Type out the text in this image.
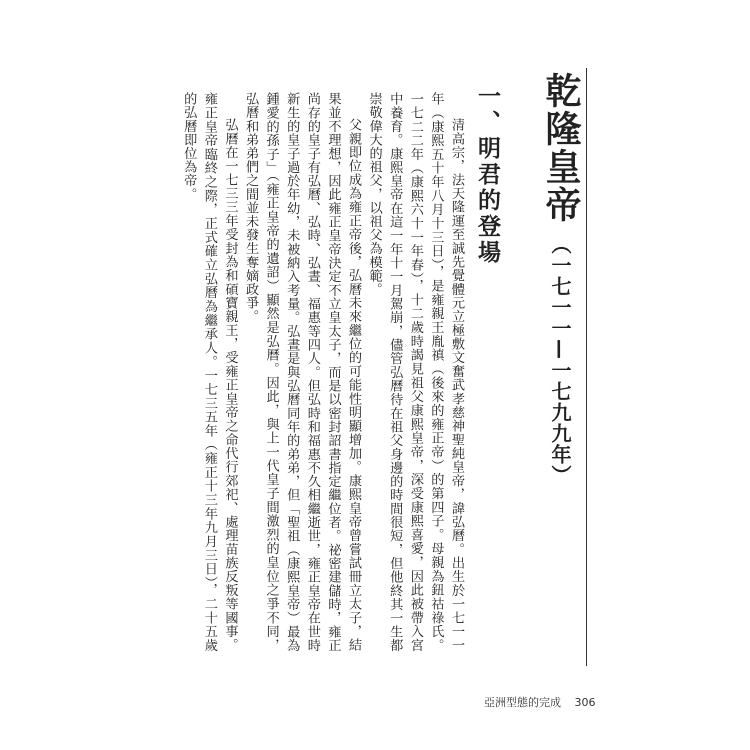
乾隆皇帝（一七一一—一七九九年）
一、明君的登場

清高宗，法天隆運至誠先覺體元立極敷文奮武孝慈神聖純皇帝，諱弘曆。出生於一七一一年（康熙五十年八月十三日），是雍親王胤禛（後來的雍正帝）的第四子。母親為鈕祜祿氏。一七二二年（康熙六十一年春），十二歲時謁見祖父康熙皇帝，深受康熙喜愛，因此被帶入宮中養育。康熙皇帝在這一年十一月駕崩，儘管弘曆待在祖父身邊的時間很短，但他終其一生都崇敬偉大的祖父，以祖父為模範。

父親即位成為雍正帝後，弘曆未來繼位的可能性明顯增加。康熙皇帝曾嘗試冊立太子，結果並不理想，因此雍正皇帝決定不立皇太子，而是以密封詔書指定繼位者。祕密建儲時，雍正尚存的皇子有弘曆、弘時、弘晝、福惠等四人。但弘時和福惠不久相繼逝世，雍正皇帝在世時新生的皇子過於年幼，未被納入考量。弘晝是與弘曆同年的弟弟，但「聖祖（康熙皇帝）最為鍾愛的孫子」（雍正皇帝的遺詔）顯然是弘曆。因此，與上一代皇子間激烈的皇位之爭不同，弘曆和弟弟們之間並未發生奪嫡政爭。

弘曆在一七三三年受封為和碩寶親王，受雍正皇帝之命代行郊祀、處理苗族反叛等國事。雍正皇帝臨終之際，正式確立弘曆為繼承人。一七三五年（雍正十三年九月三日），二十五歲的弘曆即位為帝。

亞洲型態的完成 306
